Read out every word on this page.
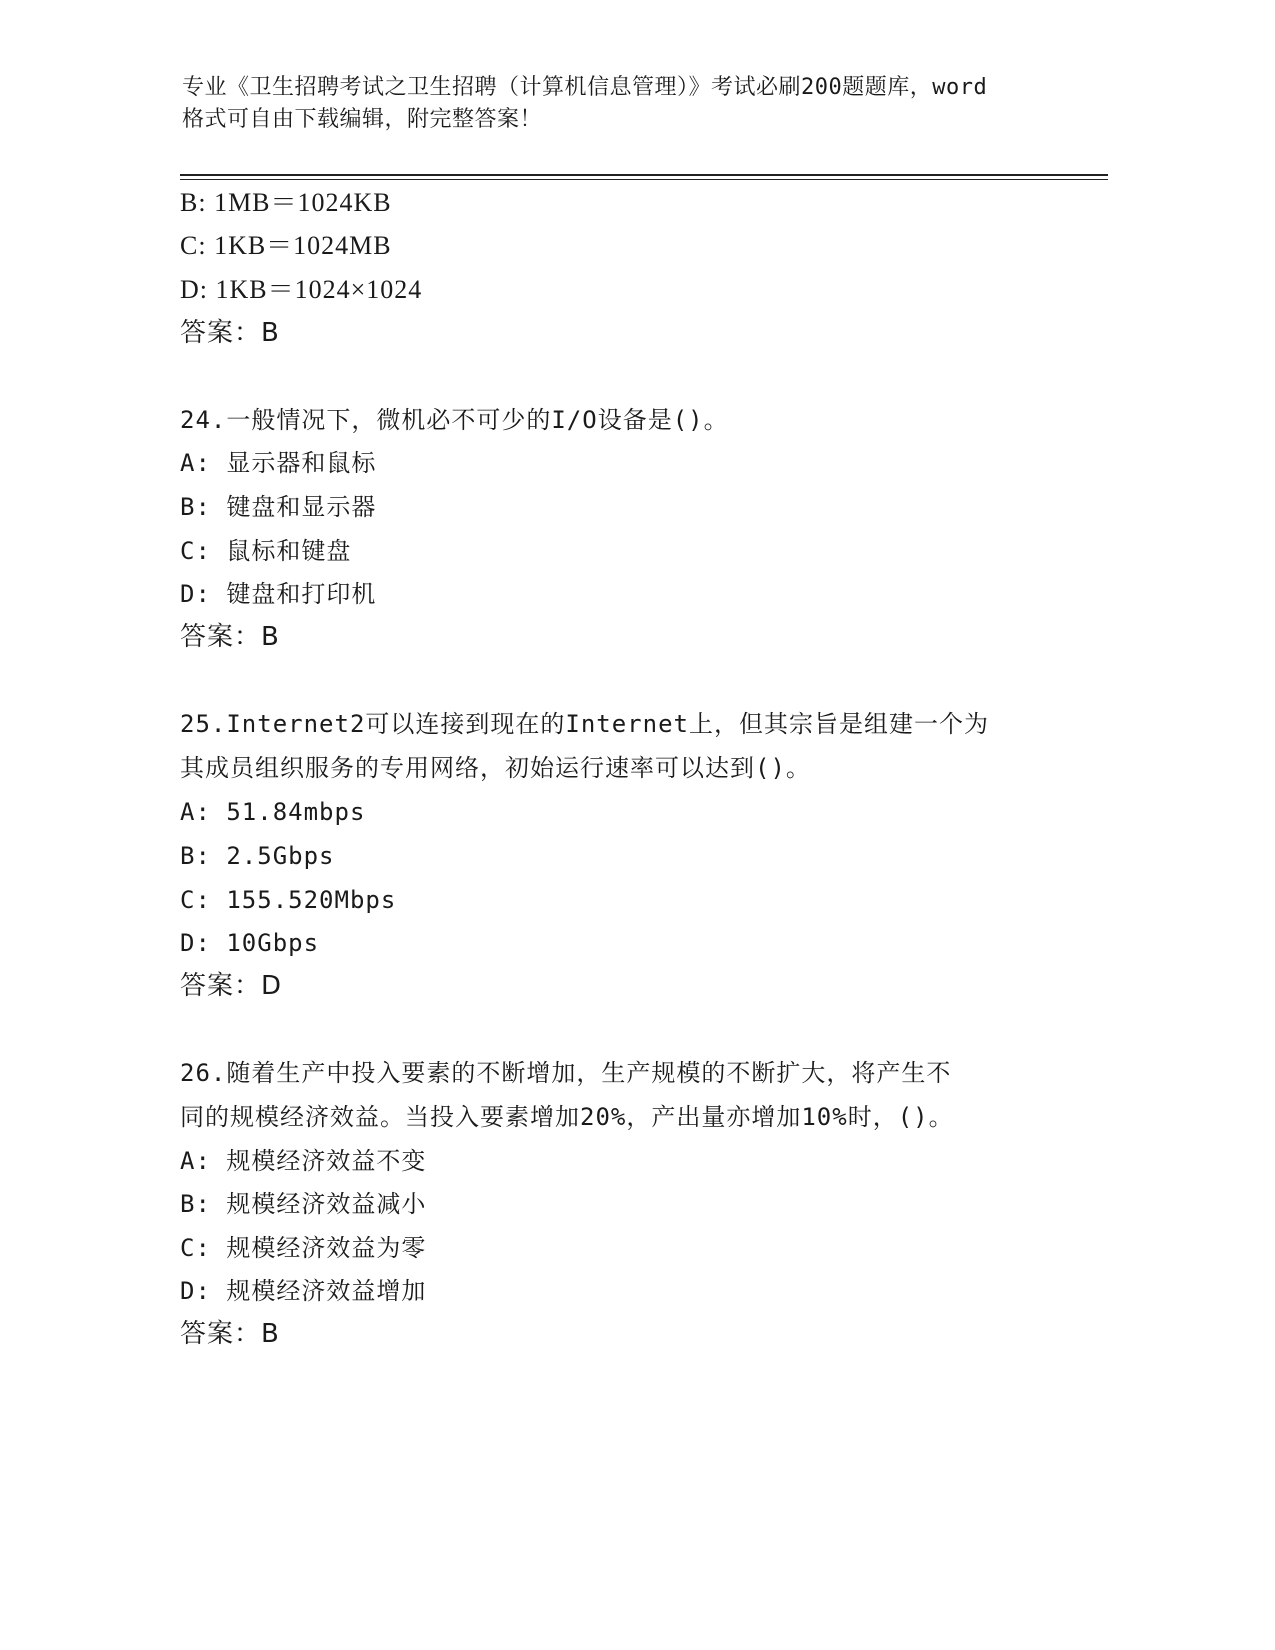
专业《卫生招聘考试之卫生招聘（计算机信息管理）》考试必刷200题题库，word
格式可自由下载编辑，附完整答案！
B: 1MB＝1024KB
C: 1KB＝1024MB
D: 1KB＝1024×1024
答案：B
24.一般情况下，微机必不可少的I/O设备是()。
A: 显示器和鼠标
B: 键盘和显示器
C: 鼠标和键盘
D: 键盘和打印机
答案：B
25.Internet2可以连接到现在的Internet上，但其宗旨是组建一个为
其成员组织服务的专用网络，初始运行速率可以达到()。
A: 51.84mbps
B: 2.5Gbps
C: 155.520Mbps
D: 10Gbps
答案：D
26.随着生产中投入要素的不断增加，生产规模的不断扩大，将产生不
同的规模经济效益。当投入要素增加20%，产出量亦增加10%时，()。
A: 规模经济效益不变
B: 规模经济效益减小
C: 规模经济效益为零
D: 规模经济效益增加
答案：B
